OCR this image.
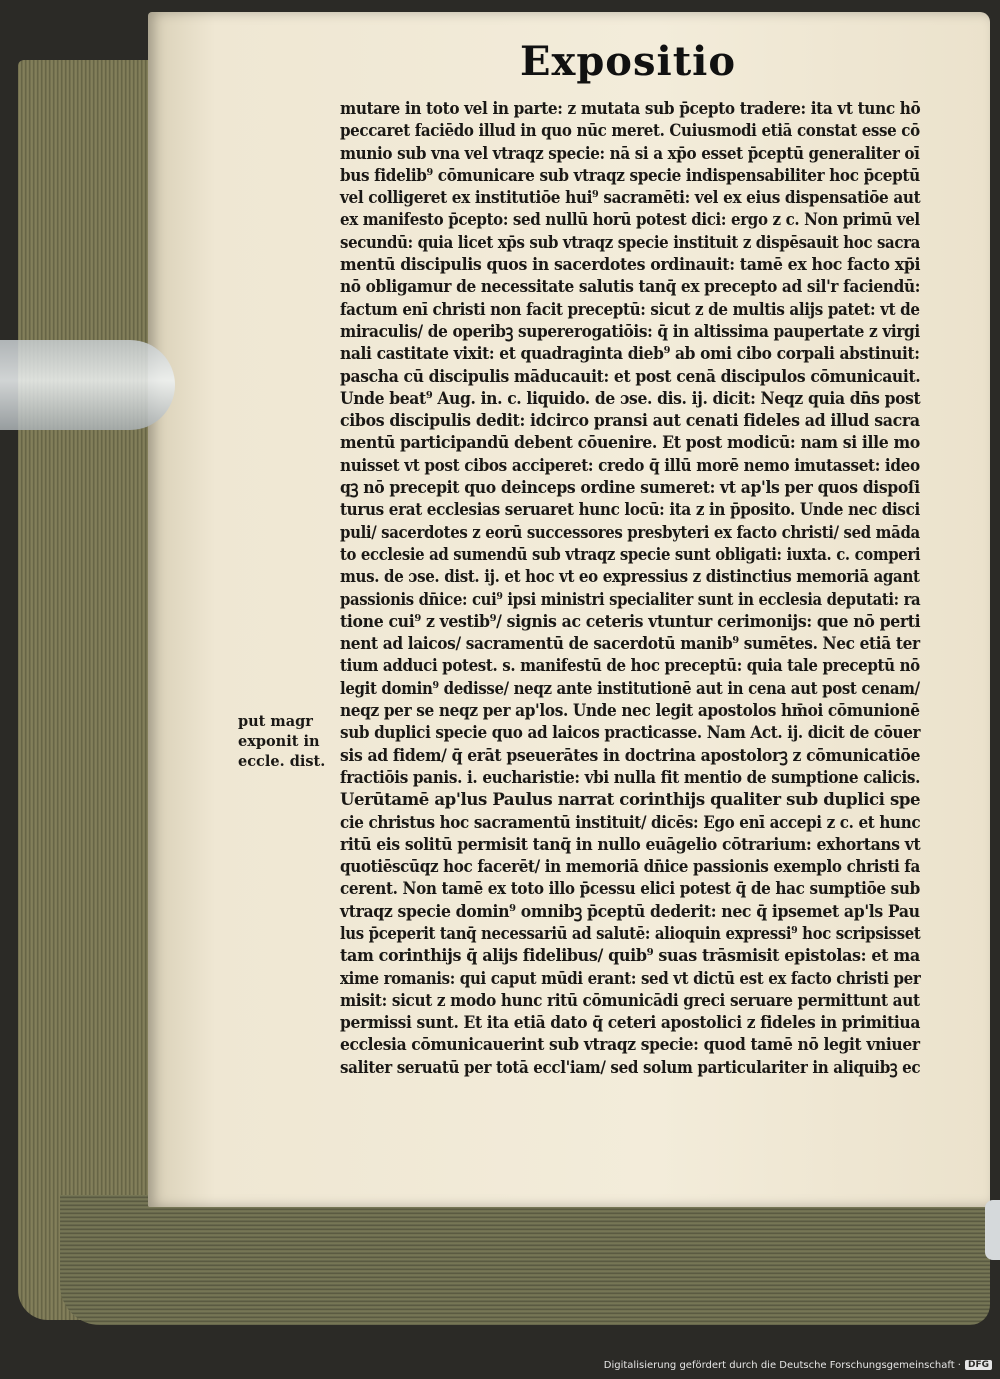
Expositio
mutare in toto vel in parte: z mutata sub p̄cepto tradere: ita vt tunc hō
peccaret faciēdo illud in quo nūc meret. Cuiusmodi etiā constat esse cō
munio sub vna vel vtraqz specie: nā si a xp̄o esset p̄ceptū generaliter oī
bus fidelib⁹ cōmunicare sub vtraqz specie indispensabiliter hoc p̄ceptū
vel colligeret ex institutiōe hui⁹ sacramēti: vel ex eius dispensatiōe aut
ex manifesto p̄cepto: sed nullū horū potest dici: ergo z c. Non primū vel
secundū: quia licet xp̄s sub vtraqz specie instituit z dispēsauit hoc sacra
mentū discipulis quos in sacerdotes ordinauit: tamē ex hoc facto xp̄i
nō obligamur de necessitate salutis tanq̄ ex precepto ad sil'r faciendū:
factum enī christi non facit preceptū: sicut z de multis alijs patet: vt de
miraculis/ de operibꝫ supererogatiōis: q̄ in altissima paupertate z virgi
nali castitate vixit: et quadraginta dieb⁹ ab omi cibo corpali abstinuit:
pascha cū discipulis māducauit: et post cenā discipulos cōmunicauit.
Unde beat⁹ Aug. in. c. liquido. de ɔse. dis. ij. dicit: Neqz quia dn̄s post
cibos discipulis dedit: idcirco pransi aut cenati fideles ad illud sacra
mentū participandū debent cōuenire. Et post modicū: nam si ille mo
nuisset vt post cibos acciperet: credo q̄ illū morē nemo imutasset: ideo
qꝫ nō precepit quo deinceps ordine sumeret: vt ap'ls per quos dispoſi
turus erat ecclesias seruaret hunc locū: ita z in p̄posito. Unde nec disci
puli/ sacerdotes z eorū successores presbyteri ex facto christi/ sed māda
to ecclesie ad sumendū sub vtraqz specie sunt obligati: iuxta. c. comperi
mus. de ɔse. dist. ij. et hoc vt eo expressius z distinctius memoriā agant
passionis dn̄ice: cui⁹ ipsi ministri specialiter sunt in ecclesia deputati: ra
tione cui⁹ z vestib⁹/ signis ac ceteris vtuntur cerimonijs: que nō perti
nent ad laicos/ sacramentū de sacerdotū manib⁹ sumētes. Nec etiā ter
tium adduci potest. s. manifestū de hoc preceptū: quia tale preceptū nō
legit domin⁹ dedisse/ neqz ante institutionē aut in cena aut post cenam/
neqz per se neqz per ap'los. Unde nec legit apostolos hm̄oi cōmunionē
sub duplici specie quo ad laicos practicasse. Nam Act. ij. dicit de cōuer
sis ad fidem/ q̄ erāt pseuerātes in doctrina apostolorꝫ z cōmunicatiōe
fractiōis panis. i. eucharistie: vbi nulla fit mentio de sumptione calicis.
Uerūtamē ap'lus Paulus narrat corinthijs qualiter sub duplici spe
cie christus hoc sacramentū instituit/ dicēs: Ego enī accepi z c. et hunc
ritū eis solitū permisit tanq̄ in nullo euāgelio cōtrarium: exhortans vt
quotiēscūqz hoc facerēt/ in memoriā dn̄ice passionis exemplo christi fa
cerent. Non tamē ex toto illo p̄cessu elici potest q̄ de hac sumptiōe sub
vtraqz specie domin⁹ omnibꝫ p̄ceptū dederit: nec q̄ ipsemet ap'ls Pau
lus p̄ceperit tanq̄ necessariū ad salutē: alioquin expressi⁹ hoc scripsisset
tam corinthijs q̄ alijs fidelibus/ quib⁹ suas trāsmisit epistolas: et ma
xime romanis: qui caput mūdi erant: sed vt dictū est ex facto christi per
misit: sicut z modo hunc ritū cōmunicādi greci seruare permittunt aut
permissi sunt. Et ita etiā dato q̄ ceteri apostolici z fideles in primitiua
ecclesia cōmunicauerint sub vtraqz specie: quod tamē nō legit vniuer
saliter seruatū per totā eccl'iam/ sed solum particulariter in aliquibꝫ ec
put magr
exponit in
eccle. dist.
Digitalisierung gefördert durch die Deutsche Forschungsgemeinschaft · DFG
